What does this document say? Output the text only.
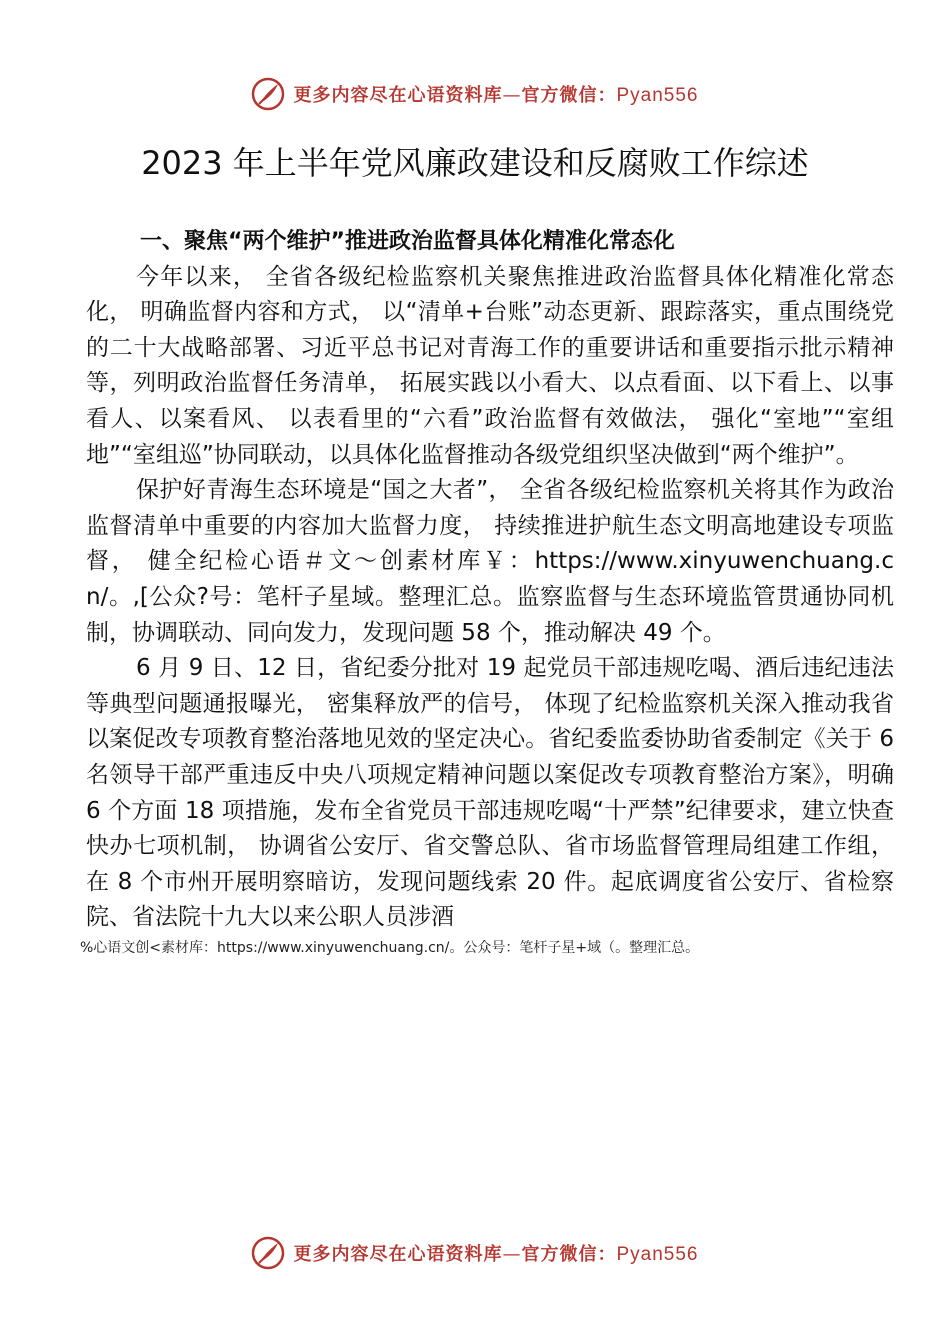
更多内容尽在心语资料库—官方微信：Pyan556
2023 年上半年党风廉政建设和反腐败工作综述
一、聚焦“两个维护”推进政治监督具体化精准化常态化

今年以来， 全省各级纪检监察机关聚焦推进政治监督具体化精准化常态化， 明确监督内容和方式， 以“清单+台账”动态更新、跟踪落实，重点围绕党的二十大战略部署、习近平总书记对青海工作的重要讲话和重要指示批示精神等，列明政治监督任务清单， 拓展实践以小看大、以点看面、以下看上、以事看人、以案看风、 以表看里的“六看”政治监督有效做法， 强化“室地”“室组地”“室组巡”协同联动，以具体化监督推动各级党组织坚决做到“两个维护”。

保护好青海生态环境是“国之大者”， 全省各级纪检监察机关将其作为政治监督清单中重要的内容加大监督力度， 持续推进护航生态文明高地建设专项监督， 健全纪检心语＃文～创素材库￥：https://www.xinyuwenchuang.cn/。,[公众?号：笔杆子星域。整理汇总。监察监督与生态环境监管贯通协同机制，协调联动、同向发力，发现问题 58 个，推动解决 49 个。

6 月 9 日、12 日，省纪委分批对 19 起党员干部违规吃喝、酒后违纪违法等典型问题通报曝光， 密集释放严的信号， 体现了纪检监察机关深入推动我省以案促改专项教育整治落地见效的坚定决心。省纪委监委协助省委制定《关于 6 名领导干部严重违反中央八项规定精神问题以案促改专项教育整治方案》，明确 6 个方面 18 项措施，发布全省党员干部违规吃喝“十严禁”纪律要求，建立快查快办七项机制， 协调省公安厅、省交警总队、省市场监督管理局组建工作组，在 8 个市州开展明察暗访，发现问题线索 20 件。起底调度省公安厅、省检察院、省法院十九大以来公职人员涉酒

%心语文创<素材库：https://www.xinyuwenchuang.cn/。公众号：笔杆子星+域（。整理汇总。
更多内容尽在心语资料库—官方微信：Pyan556
